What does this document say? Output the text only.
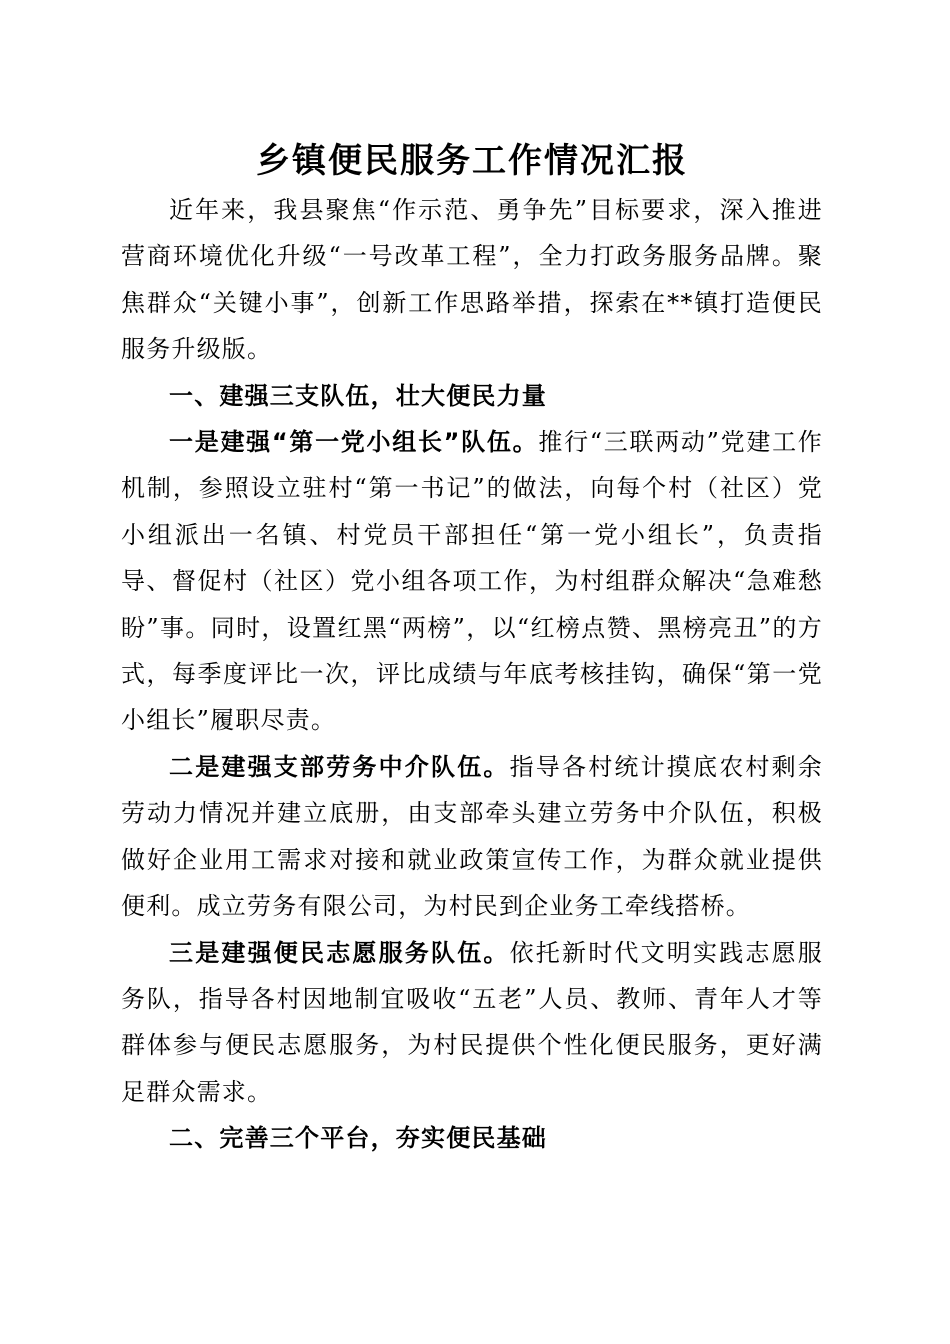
乡镇便民服务工作情况汇报

近年来，我县聚焦“作示范、勇争先”目标要求，深入推进营商环境优化升级“一号改革工程”，全力打政务服务品牌。聚焦群众“关键小事”，创新工作思路举措，探索在**镇打造便民服务升级版。

一、建强三支队伍，壮大便民力量

一是建强“第一党小组长”队伍。推行“三联两动”党建工作机制，参照设立驻村“第一书记”的做法，向每个村（社区）党小组派出一名镇、村党员干部担任“第一党小组长”，负责指导、督促村（社区）党小组各项工作，为村组群众解决“急难愁盼”事。同时，设置红黑“两榜”，以“红榜点赞、黑榜亮丑”的方式，每季度评比一次，评比成绩与年底考核挂钩，确保“第一党小组长”履职尽责。

二是建强支部劳务中介队伍。指导各村统计摸底农村剩余劳动力情况并建立底册，由支部牵头建立劳务中介队伍，积极做好企业用工需求对接和就业政策宣传工作，为群众就业提供便利。成立劳务有限公司，为村民到企业务工牵线搭桥。

三是建强便民志愿服务队伍。依托新时代文明实践志愿服务队，指导各村因地制宜吸收“五老”人员、教师、青年人才等群体参与便民志愿服务，为村民提供个性化便民服务，更好满足群众需求。

二、完善三个平台，夯实便民基础
